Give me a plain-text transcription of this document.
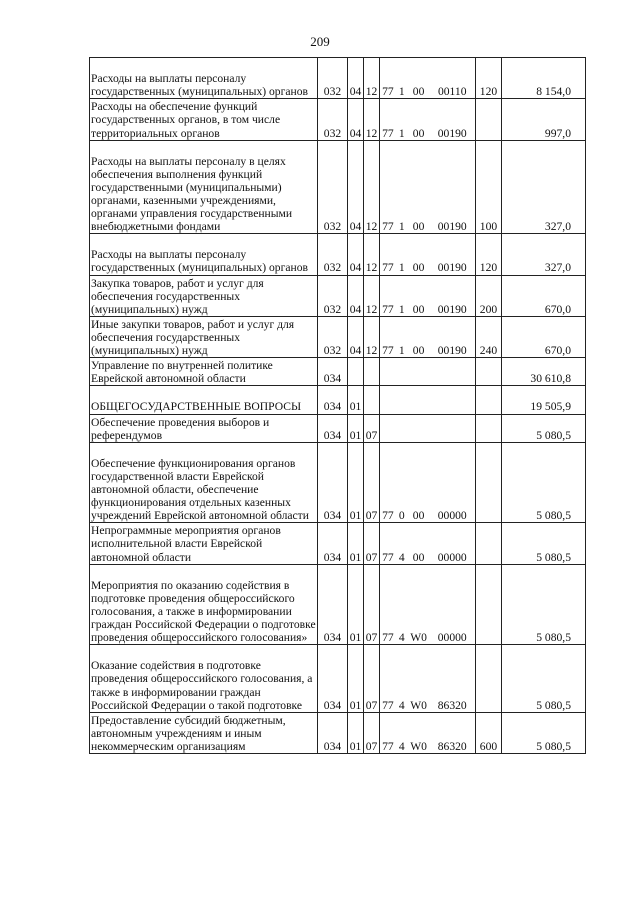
209
Расходы на выплаты персоналу государственных (муниципальных) органов	032	04	12	77 1 00 00110	120	8 154,0
Расходы на обеспечение функций государственных органов, в том числе территориальных органов	032	04	12	77 1 00 00190		997,0
Расходы на выплаты персоналу в целях обеспечения выполнения функций государственными (муниципальными) органами, казенными учреждениями, органами управления государственными внебюджетными фондами	032	04	12	77 1 00 00190	100	327,0
Расходы на выплаты персоналу государственных (муниципальных) органов	032	04	12	77 1 00 00190	120	327,0
Закупка товаров, работ и услуг для обеспечения государственных (муниципальных) нужд	032	04	12	77 1 00 00190	200	670,0
Иные закупки товаров, работ и услуг для обеспечения государственных (муниципальных) нужд	032	04	12	77 1 00 00190	240	670,0
Управление по внутренней политике Еврейской автономной области	034					30 610,8
ОБЩЕГОСУДАРСТВЕННЫЕ ВОПРОСЫ	034	01				19 505,9
Обеспечение проведения выборов и референдумов	034	01	07			5 080,5
Обеспечение функционирования органов государственной власти Еврейской автономной области, обеспечение функционирования отдельных казенных учреждений Еврейской автономной области	034	01	07	77 0 00 00000		5 080,5
Непрограммные мероприятия органов исполнительной власти Еврейской автономной области	034	01	07	77 4 00 00000		5 080,5
Мероприятия по оказанию содействия в подготовке проведения общероссийского голосования, а также в информировании граждан Российской Федерации о подготовке проведения общероссийского голосования»	034	01	07	77 4 W0 00000		5 080,5
Оказание содействия в подготовке проведения общероссийского голосования, а также в информировании граждан Российской Федерации о такой подготовке	034	01	07	77 4 W0 86320		5 080,5
Предоставление субсидий бюджетным, автономным учреждениям и иным некоммерческим организациям	034	01	07	77 4 W0 86320	600	5 080,5
